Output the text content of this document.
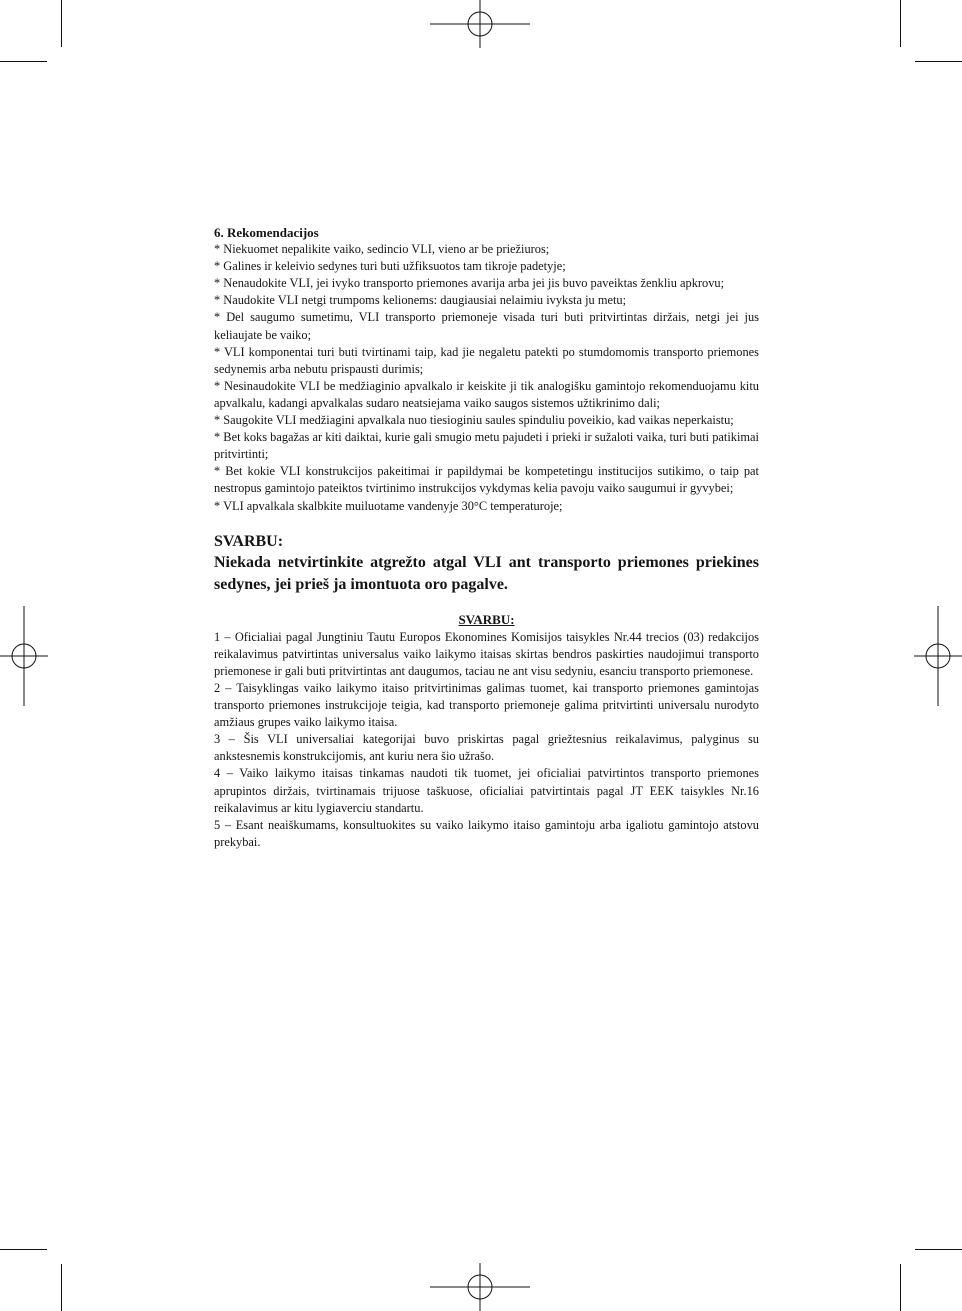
6. Rekomendacijos
* Niekuomet nepalikite vaiko, sedincio VLI, vieno ar be priežiuros;
* Galines ir keleivio sedynes turi buti užfiksuotos tam tikroje padetyje;
* Nenaudokite VLI, jei ivyko transporto priemones avarija arba jei jis buvo paveiktas ženkliu apkrovu;
* Naudokite VLI netgi trumpoms kelionems: daugiausiai nelaimiu ivyksta ju metu;
* Del saugumo sumetimu, VLI transporto priemoneje visada turi buti pritvirtintas diržais, netgi jei jus keliaujate be vaiko;
* VLI komponentai turi buti tvirtinami taip, kad jie negaletu patekti po stumdomomis transporto priemones sedynemis arba nebutu prispausti durimis;
* Nesinaudokite VLI be medžiaginio apvalkalo ir keiskite ji tik analogišku gamintojo rekomenduojamu kitu apvalkalu, kadangi apvalkalas sudaro neatsiejama vaiko saugos sistemos užtikrinimo dali;
* Saugokite VLI medžiagini apvalkala nuo tiesioginiu saules spinduliu poveikio, kad vaikas neperkaistu;
* Bet koks bagažas ar kiti daiktai, kurie gali smugio metu pajudeti i prieki ir sužaloti vaika, turi buti patikimai pritvirtinti;
* Bet kokie VLI konstrukcijos pakeitimai ir papildymai be kompetetingu institucijos sutikimo, o taip pat nestropus gamintojo pateiktos tvirtinimo instrukcijos vykdymas kelia pavoju vaiko saugumui ir gyvybei;
* VLI apvalkala skalbkite muiluotame vandenyje 30°C temperaturoje;
SVARBU:
Niekada netvirtinkite atgrežto atgal VLI ant transporto priemones priekines sedynes, jei prieš ja imontuota oro pagalve.
SVARBU:
1 – Oficialiai pagal Jungtiniu Tautu Europos Ekonomines Komisijos taisykles Nr.44 trecios (03) redakcijos reikalavimus patvirtintas universalus vaiko laikymo itaisas skirtas bendros paskirties naudojimui transporto priemonese ir gali buti pritvirtintas ant daugumos, taciau ne ant visu sedyniu, esanciu transporto priemonese.
2 – Taisyklingas vaiko laikymo itaiso pritvirtinimas galimas tuomet, kai transporto priemones gamintojas transporto priemones instrukcijoje teigia, kad transporto priemoneje galima pritvirtinti universalu nurodyto amžiaus grupes vaiko laikymo itaisa.
3 – Šis VLI universaliai kategorijai buvo priskirtas pagal griežtesnius reikalavimus, palyginus su ankstesnemis konstrukcijomis, ant kuriu nera šio užrašo.
4 – Vaiko laikymo itaisas tinkamas naudoti tik tuomet, jei oficialiai patvirtintos transporto priemones aprupintos diržais, tvirtinamais trijuose taškuose, oficialiai patvirtintais pagal JT EEK taisykles Nr.16 reikalavimus ar kitu lygiaverciu standartu.
5 – Esant neaiškumams, konsultuokites su vaiko laikymo itaiso gamintoju arba igaliotu gamintojo atstovu prekybai.
